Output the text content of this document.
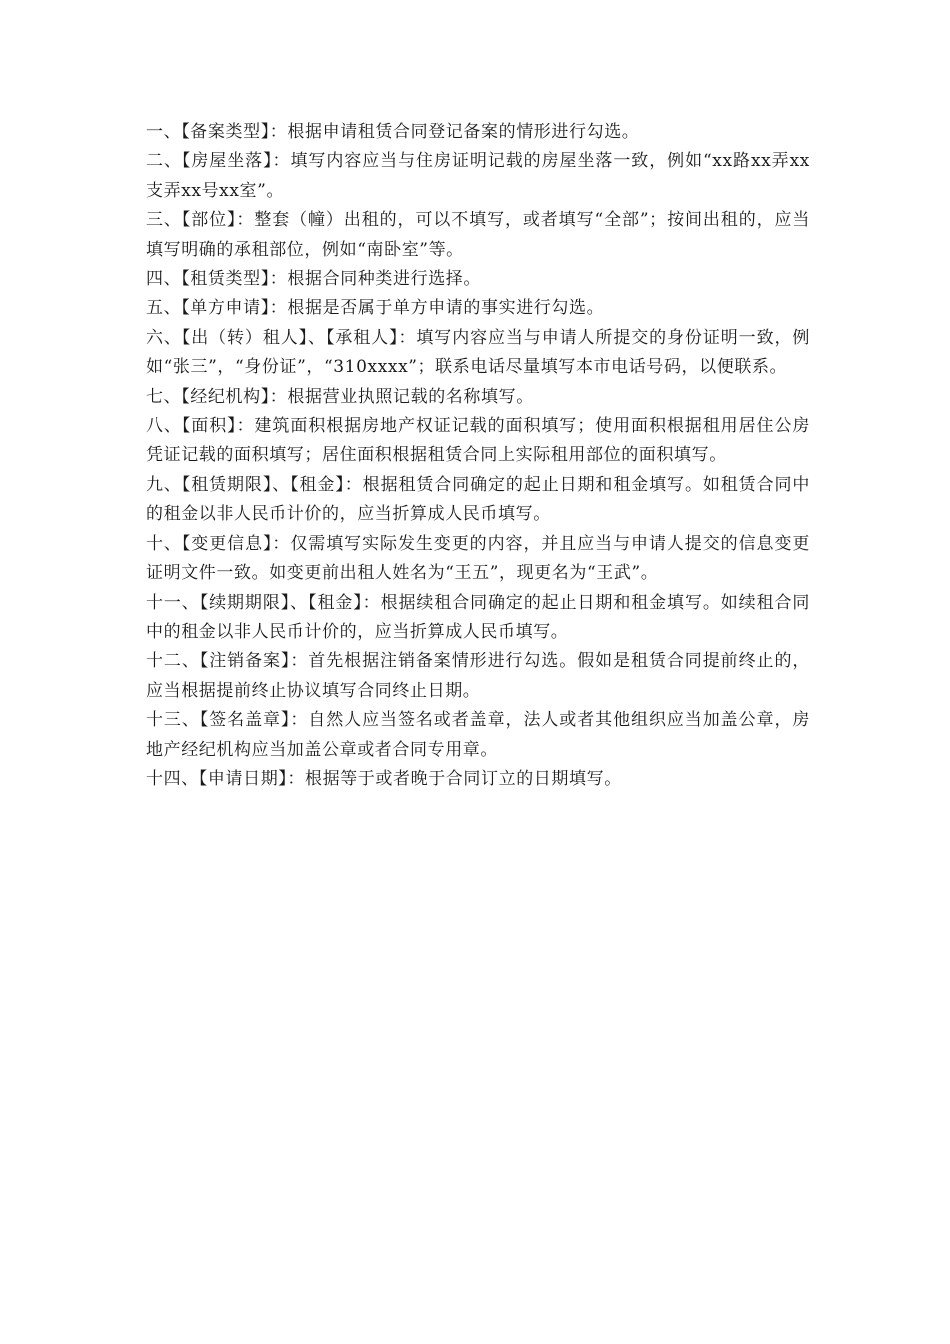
一、【备案类型】：根据申请租赁合同登记备案的情形进行勾选。

二、【房屋坐落】：填写内容应当与住房证明记载的房屋坐落一致，例如“xx路xx弄xx支弄xx号xx室”。

三、【部位】：整套（幢）出租的，可以不填写，或者填写“全部”；按间出租的，应当填写明确的承租部位，例如“南卧室”等。

四、【租赁类型】：根据合同种类进行选择。

五、【单方申请】：根据是否属于单方申请的事实进行勾选。

六、【出（转）租人】、【承租人】：填写内容应当与申请人所提交的身份证明一致，例如“张三”，“身份证”，“310xxxx”；联系电话尽量填写本市电话号码，以便联系。

七、【经纪机构】：根据营业执照记载的名称填写。

八、【面积】：建筑面积根据房地产权证记载的面积填写；使用面积根据租用居住公房凭证记载的面积填写；居住面积根据租赁合同上实际租用部位的面积填写。

九、【租赁期限】、【租金】：根据租赁合同确定的起止日期和租金填写。如租赁合同中的租金以非人民币计价的，应当折算成人民币填写。

十、【变更信息】：仅需填写实际发生变更的内容，并且应当与申请人提交的信息变更证明文件一致。如变更前出租人姓名为“王五”，现更名为“王武”。

十一、【续期期限】、【租金】：根据续租合同确定的起止日期和租金填写。如续租合同中的租金以非人民币计价的，应当折算成人民币填写。

十二、【注销备案】：首先根据注销备案情形进行勾选。假如是租赁合同提前终止的，应当根据提前终止协议填写合同终止日期。

十三、【签名盖章】：自然人应当签名或者盖章，法人或者其他组织应当加盖公章，房地产经纪机构应当加盖公章或者合同专用章。

十四、【申请日期】：根据等于或者晚于合同订立的日期填写。
